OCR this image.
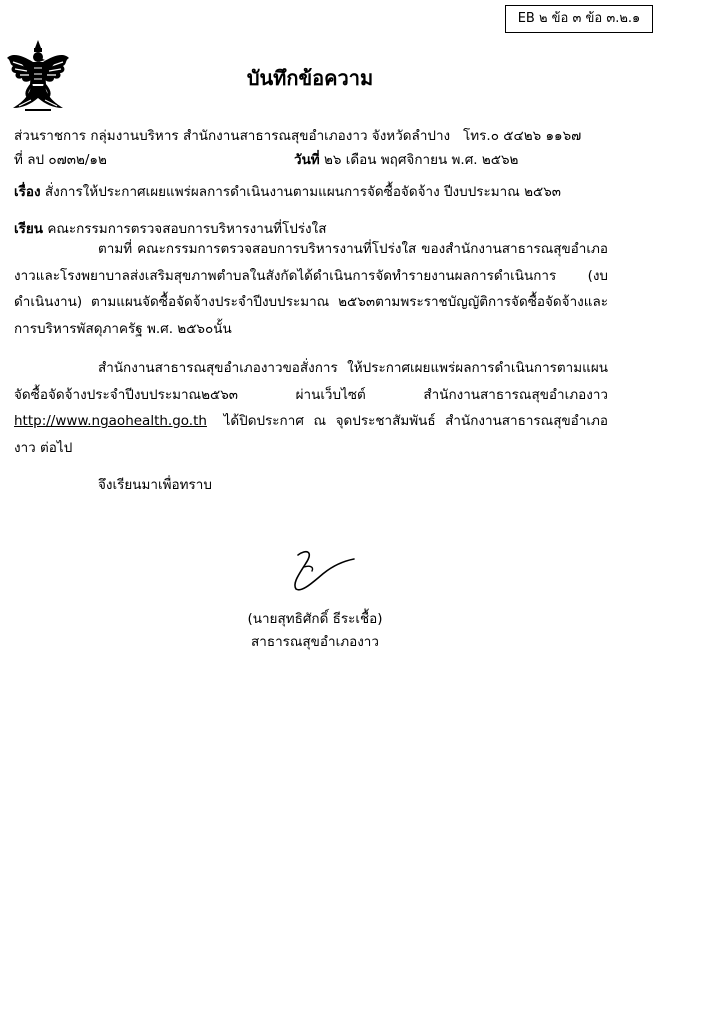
EB ๒ ข้อ ๓ ข้อ ๓.๒.๑
บันทึกข้อความ
ส่วนราชการ กลุ่มงานบริหาร สำนักงานสาธารณสุขอำเภองาว จังหวัดลำปาง โทร.๐ ๕๔๒๖ ๑๑๖๗
ที่ ลป ๐๗๓๒/๑๒	วันที่ ๒๖ เดือน พฤศจิกายน พ.ศ. ๒๕๖๒
เรื่อง สั่งการให้ประกาศเผยแพร่ผลการดำเนินงานตามแผนการจัดซื้อจัดจ้าง ปีงบประมาณ ๒๕๖๓
เรียน คณะกรรมการตรวจสอบการบริหารงานที่โปร่งใส
ตามที่ คณะกรรมการตรวจสอบการบริหารงานที่โปร่งใส ของสำนักงานสาธารณสุขอำเภองาวและโรงพยาบาลส่งเสริมสุขภาพตำบลในสังกัดได้ดำเนินการจัดทำรายงานผลการดำเนินการ (งบดำเนินงาน) ตามแผนจัดซื้อจัดจ้างประจำปีงบประมาณ ๒๕๖๓ตามพระราชบัญญัติการจัดซื้อจัดจ้างและการบริหารพัสดุภาครัฐ พ.ศ. ๒๕๖๐นั้น
สำนักงานสาธารณสุขอำเภองาวขอสั่งการ ให้ประกาศเผยแพร่ผลการดำเนินการตามแผนจัดซื้อจัดจ้างประจำปีงบประมาณ๒๕๖๓ ผ่านเว็บไซต์ สำนักงานสาธารณสุขอำเภองาว http://www.ngaohealth.go.th ได้ปิดประกาศ ณ จุดประชาสัมพันธ์ สำนักงานสาธารณสุขอำเภองาว ต่อไป
จึงเรียนมาเพื่อทราบ
(นายสุทธิศักดิ์ ธีระเชื้อ)
สาธารณสุขอำเภองาว
